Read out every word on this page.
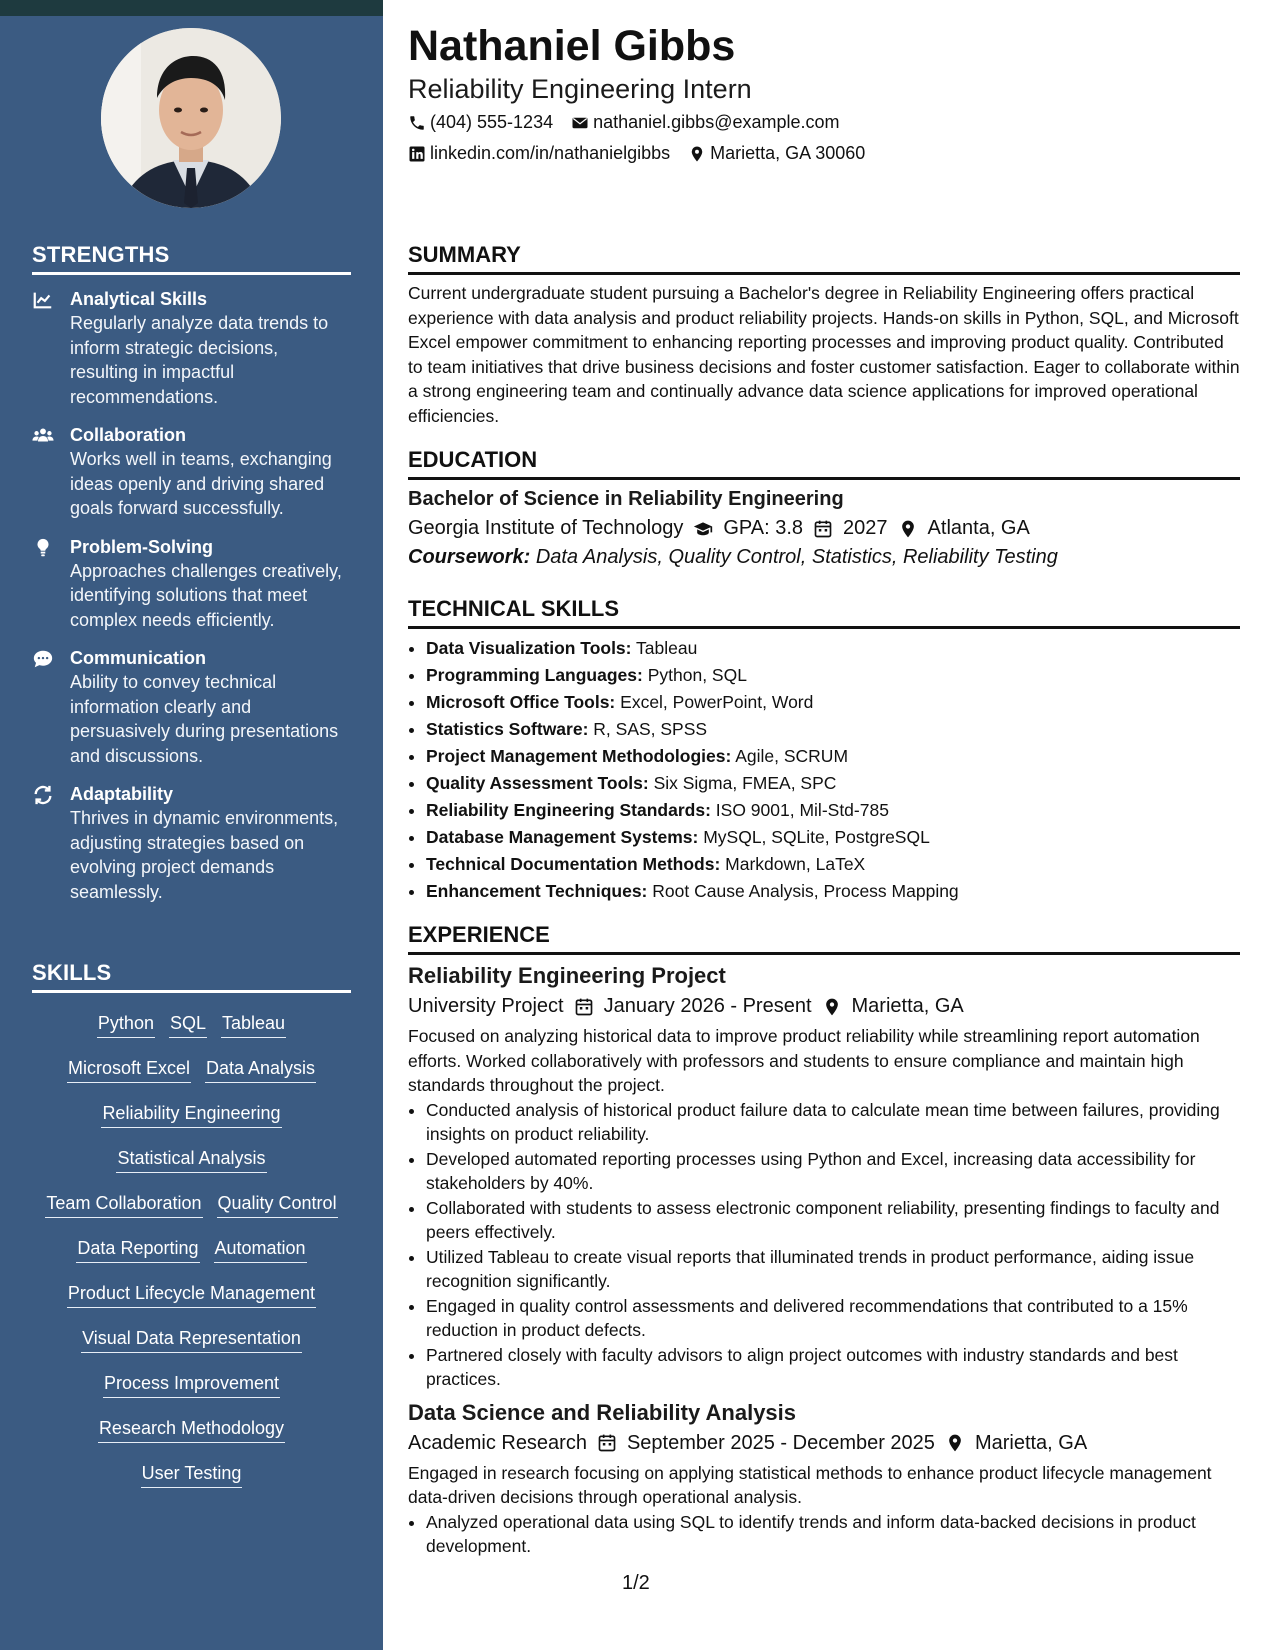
STRENGTHS
Analytical Skills
Regularly analyze data trends to inform strategic decisions, resulting in impactful recommendations.
Collaboration
Works well in teams, exchanging ideas openly and driving shared goals forward successfully.
Problem-Solving
Approaches challenges creatively, identifying solutions that meet complex needs efficiently.
Communication
Ability to convey technical information clearly and persuasively during presentations and discussions.
Adaptability
Thrives in dynamic environments, adjusting strategies based on evolving project demands seamlessly.
SKILLS
Python SQL Tableau
Microsoft Excel Data Analysis
Reliability Engineering
Statistical Analysis
Team Collaboration Quality Control
Data Reporting Automation
Product Lifecycle Management
Visual Data Representation
Process Improvement
Research Methodology
User Testing
Nathaniel Gibbs
Reliability Engineering Intern
(404) 555-1234 nathaniel.gibbs@example.com
linkedin.com/in/nathanielgibbs Marietta, GA 30060
SUMMARY

Current undergraduate student pursuing a Bachelor's degree in Reliability Engineering offers practical experience with data analysis and product reliability projects. Hands-on skills in Python, SQL, and Microsoft Excel empower commitment to enhancing reporting processes and improving product quality. Contributed to team initiatives that drive business decisions and foster customer satisfaction. Eager to collaborate within a strong engineering team and continually advance data science applications for improved operational efficiencies.

EDUCATION
Bachelor of Science in Reliability Engineering
Georgia Institute of Technology GPA: 3.8 2027 Atlanta, GA
Coursework: Data Analysis, Quality Control, Statistics, Reliability Testing
TECHNICAL SKILLS
• Data Visualization Tools: Tableau
• Programming Languages: Python, SQL
• Microsoft Office Tools: Excel, PowerPoint, Word
• Statistics Software: R, SAS, SPSS
• Project Management Methodologies: Agile, SCRUM
• Quality Assessment Tools: Six Sigma, FMEA, SPC
• Reliability Engineering Standards: ISO 9001, Mil-Std-785
• Database Management Systems: MySQL, SQLite, PostgreSQL
• Technical Documentation Methods: Markdown, LaTeX
• Enhancement Techniques: Root Cause Analysis, Process Mapping
EXPERIENCE
Reliability Engineering Project
University Project January 2026 - Present Marietta, GA

Focused on analyzing historical data to improve product reliability while streamlining report automation efforts. Worked collaboratively with professors and students to ensure compliance and maintain high standards throughout the project.

• Conducted analysis of historical product failure data to calculate mean time between failures, providing insights on product reliability.
• Developed automated reporting processes using Python and Excel, increasing data accessibility for stakeholders by 40%.
• Collaborated with students to assess electronic component reliability, presenting findings to faculty and peers effectively.
• Utilized Tableau to create visual reports that illuminated trends in product performance, aiding issue recognition significantly.
• Engaged in quality control assessments and delivered recommendations that contributed to a 15% reduction in product defects.
• Partnered closely with faculty advisors to align project outcomes with industry standards and best practices.
Data Science and Reliability Analysis
Academic Research September 2025 - December 2025 Marietta, GA

Engaged in research focusing on applying statistical methods to enhance product lifecycle management data-driven decisions through operational analysis.

• Analyzed operational data using SQL to identify trends and inform data-backed decisions in product development.
1/2
